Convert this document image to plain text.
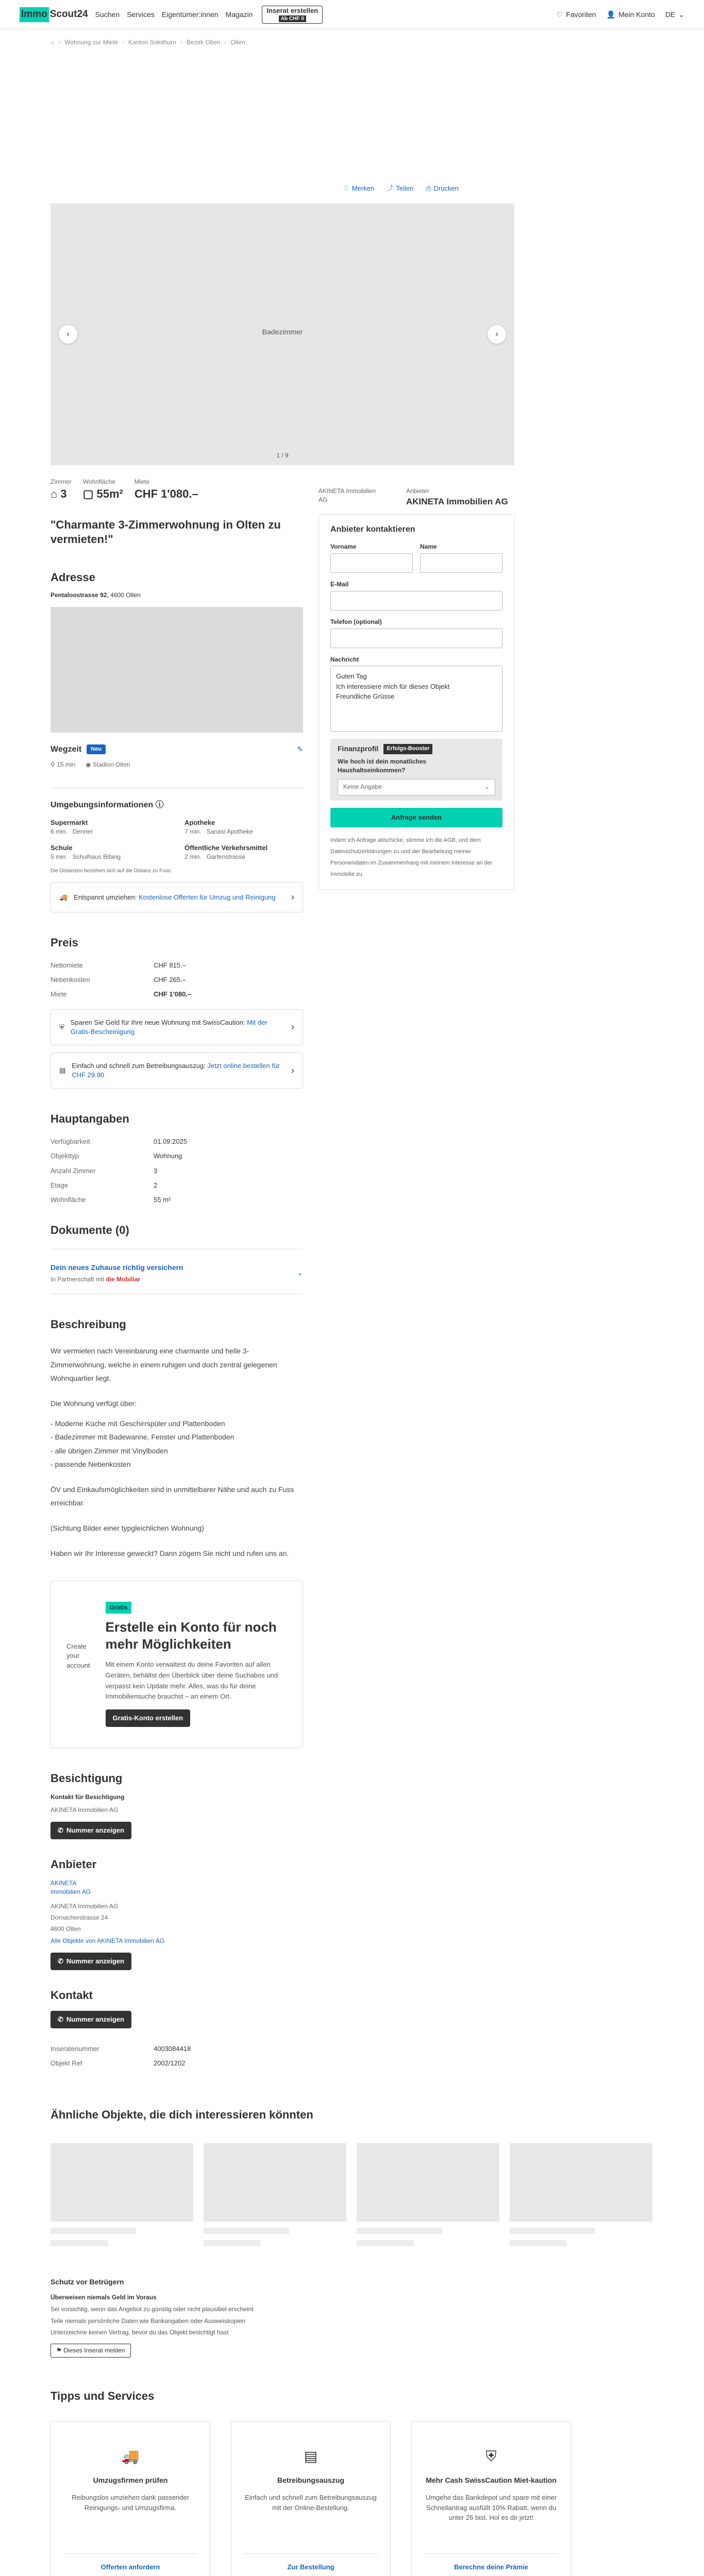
Immo Scout24 Suchen Services Eigentümer:innen Magazin Inserat erstellen
Ab CHF 0
♡ Favoriten 👤 Mein Konto DE ⌄
⌂ › Wohnung zur Miete › Kanton Solothurn › Bezirk Olten › Olten
♡ Merken ⤴ Teilen ⎙ Drucken
Badezimmer
‹	›
1 / 9
Zimmer
⌂ 3
Wohnfläche
▢ 55m²
Miete
CHF 1'080.–
"Charmante 3-Zimmerwohnung in Olten zu vermieten!"
Adresse
Pentaloostrasse 92, 4600 Olten
Wegzeit	Neu	✎
⚲ 15 min ◉ Stadion Olten
Umgebungsinformationen ⓘ
Supermarkt
6 min. Denner
Apotheke
7 min. Sanasi Apotheke
Schule
5 min. Schulhaus Bifang
Öffentliche Verkehrsmittel
2 min. Gartenstrasse
Die Distanzen beziehen sich auf die Distanz zu Fuss.
🚚 Entspannt umziehen: Kostenlose Offerten für Umzug und Reinigung ›
Preis
Nettomiete	CHF 815.–
Nebenkosten	CHF 265.–
Miete	CHF 1'080.–
⛨
Sparen Sie Geld für Ihre neue Wohnung mit SwissCaution: Mit der Gratis-Bescheinigung	›
▤
Einfach und schnell zum Betreibungsauszug: Jetzt online bestellen für CHF 29.90	›
Hauptangaben
Verfügbarkeit	01.09.2025
Objekttyp	Wohnung
Anzahl Zimmer	3
Etage	2
Wohnfläche	55 m²
Dokumente (0)
Dein neues Zuhause richtig versichern
In Partnerschaft mit die Mobiliar
⌄
Beschreibung
Wir vermieten nach Vereinbarung eine charmante und helle 3-Zimmerwohnung, welche in einem ruhigen und doch zentral gelegenen Wohnquartier liegt.
Die Wohnung verfügt über:
- Moderne Küche mit Geschirrspüler und Plattenboden
- Badezimmer mit Badewanne, Fenster und Plattenboden
- alle übrigen Zimmer mit Vinylboden
- passende Nebenkosten
ÖV und Einkaufsmöglichkeiten sind in unmittelbarer Nähe und auch zu Fuss erreichbar.
(Sichtung Bilder einer typgleichlichen Wohnung)
Haben wir Ihr Interesse geweckt? Dann zögern Sie nicht und rufen uns an.
Create your account
Gratis
Erstelle ein Konto für noch mehr Möglichkeiten
Mit einem Konto verwaltest du deine Favoriten auf allen Geräten, behältst den Überblick über deine Suchabos und verpasst kein Update mehr. Alles, was du für deine Immobiliensuche brauchst – an einem Ort.
Gratis-Konto erstellen
Besichtigung
Kontakt für Besichtigung
AKINETA Immobilien AG
✆ Nummer anzeigen
Anbieter
AKINETA
Immobilien AG
AKINETA Immobilien AG
Dornacherstrasse 24
4600 Olten
Alle Objekte von AKINETA Immobilien AG
✆ Nummer anzeigen
Kontakt
✆ Nummer anzeigen
Inseratenummer	4003084418
Objekt Ref	2002/1202
AKINETA Immobilien AG
Anbieter
AKINETA Immobilien AG
Anbieter kontaktieren
Vorname	Name
E-Mail
Telefon (optional)
Nachricht
Guten Tag
Ich interessiere mich für dieses Objekt
Freundliche Grüsse
Finanzprofil	Erfolgs-Booster
Wie hoch ist dein monatliches Haushaltseinkommen?
Keine Angabe	⌄
Anfrage senden
Indem ich Anfrage abschicke, stimme ich die AGB, und dem Datenschutzerklärungen zu und der Bearbeitung meiner Personendaten im Zusammenhang mit meinem Interesse an der Immobilie zu.
Ähnliche Objekte, die dich interessieren könnten
Schutz vor Betrügern
Überweisen niemals Geld im Voraus
Sei vorsichtig, wenn das Angebot zu günstig oder nicht plausibel erscheint
Teile niemals persönliche Daten wie Bankangaben oder Ausweiskopien
Unterzeichne keinen Vertrag, bevor du das Objekt besichtigt hast
⚑ Dieses Inserat melden
Tipps und Services
🚚
Umzugsfirmen prüfen
Reibungslos umziehen dank passender Reinigungs- und Umzugsfirma.
Offerten anfordern
▤
Betreibungsauszug
Einfach und schnell zum Betreibungsauszug mit der Online-Bestellung.
Zur Bestellung
⛨
Mehr Cash SwissCaution Miet-kaution
Umgehe das Bankdepot und spare mit einer Schnellantrag ausfüllt 10% Rabatt, wenn du unter 26 bist. Hol es dir jetzt!
Berechne deine Prämie
